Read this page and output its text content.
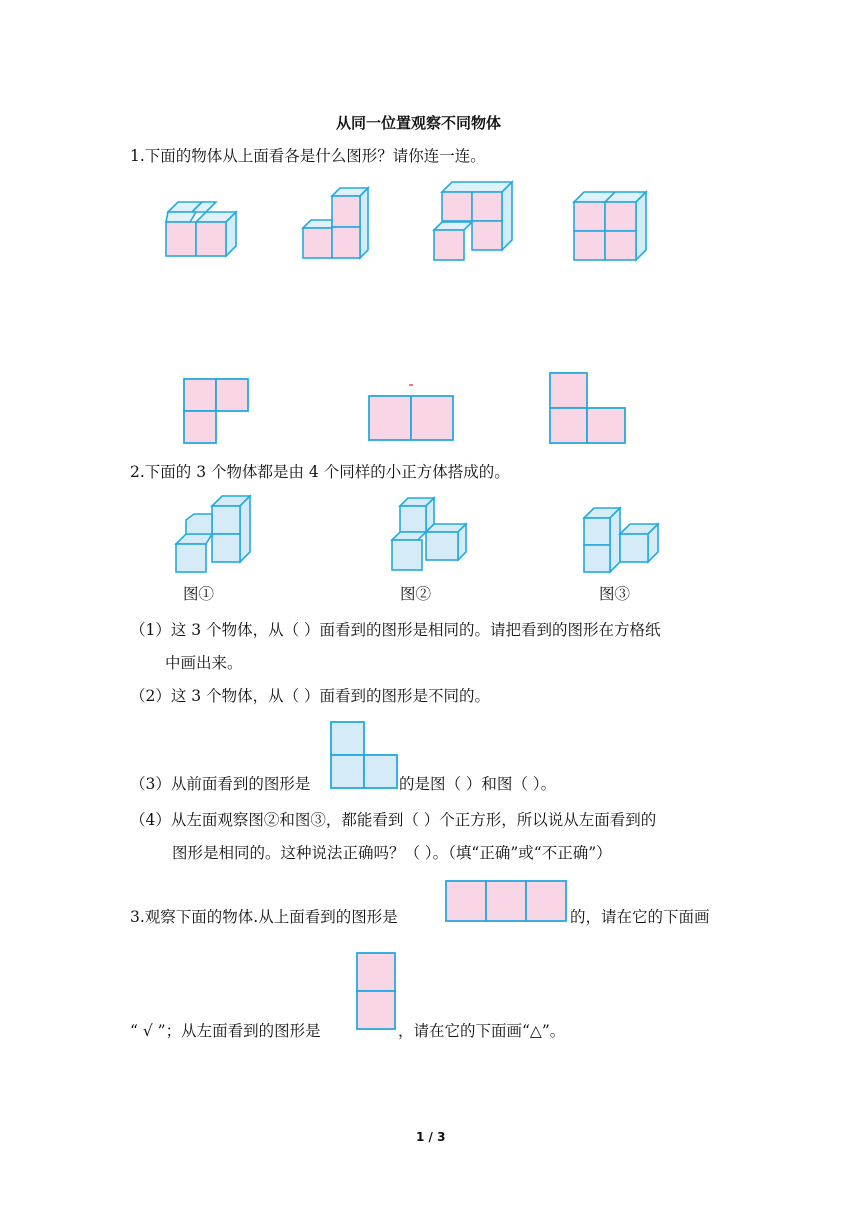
从同一位置观察不同物体
1.下面的物体从上面看各是什么图形？请你连一连。
2.下面的 3 个物体都是由 4 个同样的小正方体搭成的。
图①	图②	图③
（1）这 3 个物体，从（ ）面看到的图形是相同的。请把看到的图形在方格纸
中画出来。
（2）这 3 个物体，从（ ）面看到的图形是不同的。
（3）从前面看到的图形是	的是图（ ）和图（ ）。
（4）从左面观察图②和图③，都能看到（ ）个正方形，所以说从左面看到的
图形是相同的。这种说法正确吗？（ ）。（填“正确”或“不正确”）
3.观察下面的物体.从上面看到的图形是	的，请在它的下面画
“ √ ”；从左面看到的图形是	，请在它的下面画“△”。
1 / 3
